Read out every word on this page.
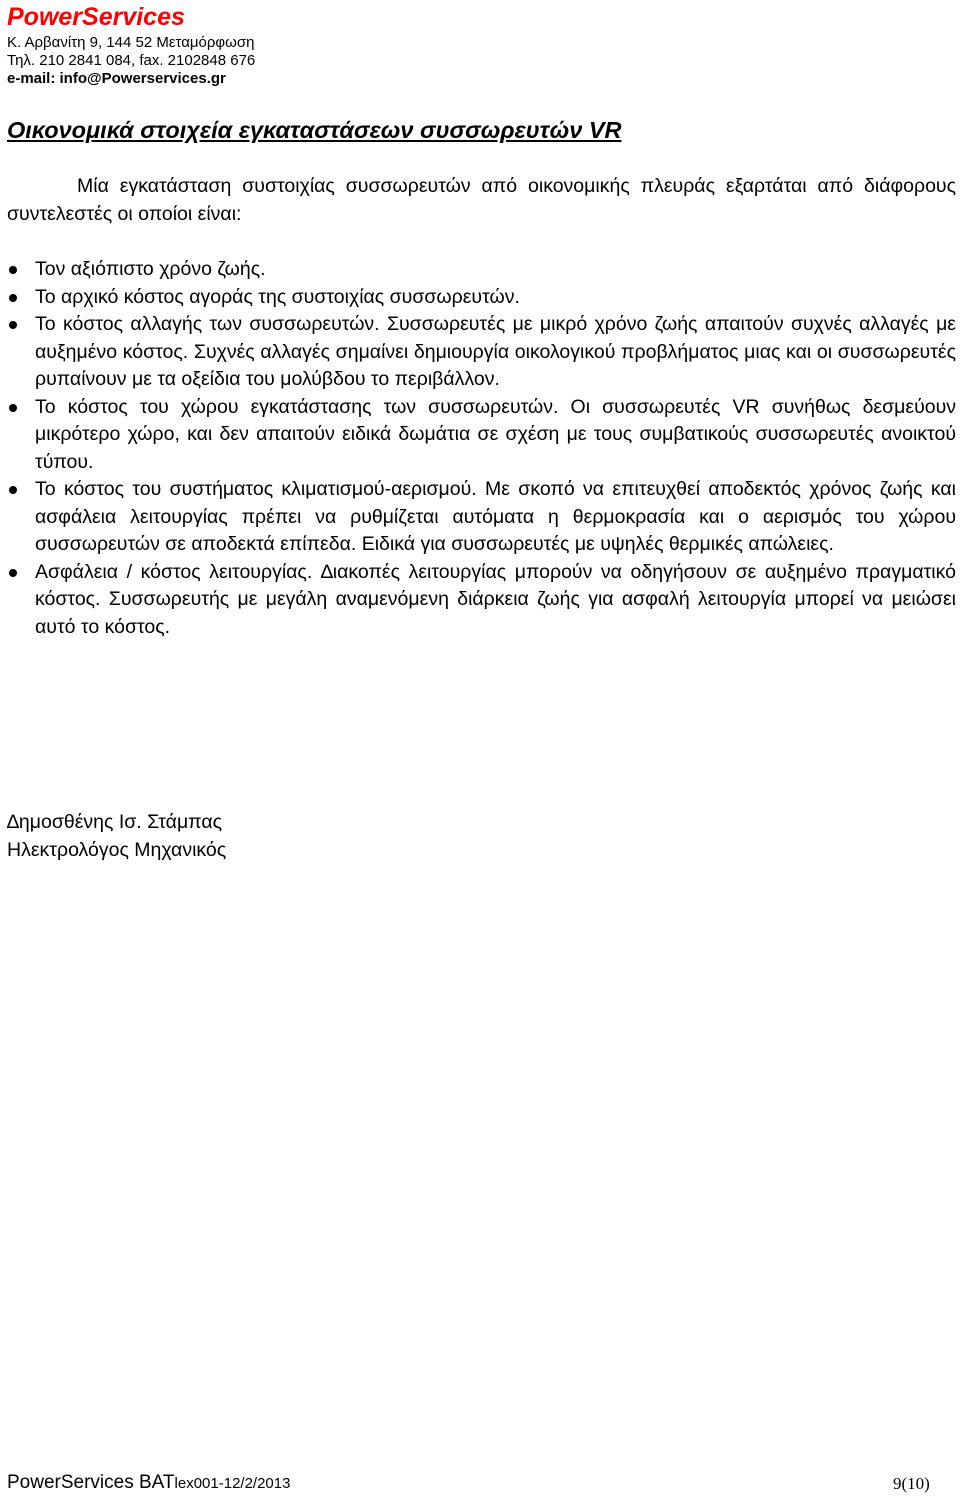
PowerServices

Κ. Αρβανίτη 9, 144 52 Μεταμόρφωση

Τηλ. 210 2841 084, fax. 2102848 676

e-mail: info@Powerservices.gr

Οικονομικά στοιχεία εγκαταστάσεων συσσωρευτών VR

Μία εγκατάσταση συστοιχίας συσσωρευτών από οικονομικής πλευράς εξαρτάται από διάφορους συντελεστές οι οποίοι είναι:

Τον αξιόπιστο χρόνο ζωής.
Το αρχικό κόστος αγοράς της συστοιχίας συσσωρευτών.
Το κόστος αλλαγής των συσσωρευτών. Συσσωρευτές με μικρό χρόνο ζωής απαιτούν συχνές αλλαγές με αυξημένο κόστος. Συχνές αλλαγές σημαίνει δημιουργία οικολογικού προβλήματος μιας και οι συσσωρευτές ρυπαίνουν με τα οξείδια του μολύβδου το περιβάλλον.
Το κόστος του χώρου εγκατάστασης των συσσωρευτών. Οι συσσωρευτές VR συνήθως δεσμεύουν μικρότερο χώρο, και δεν απαιτούν ειδικά δωμάτια σε σχέση με τους συμβατικούς συσσωρευτές ανοικτού τύπου.
Το κόστος του συστήματος κλιματισμού-αερισμού. Με σκοπό να επιτευχθεί αποδεκτός χρόνος ζωής και ασφάλεια λειτουργίας πρέπει να ρυθμίζεται αυτόματα η θερμοκρασία και ο αερισμός του χώρου συσσωρευτών σε αποδεκτά επίπεδα. Ειδικά για συσσωρευτές με υψηλές θερμικές απώλειες.
Ασφάλεια / κόστος λειτουργίας. ∆ιακοπές λειτουργίας μπορούν να οδηγήσουν σε αυξημένο πραγματικό κόστος. Συσσωρευτής με μεγάλη αναμενόμενη διάρκεια ζωής για ασφαλή λειτουργία μπορεί να μειώσει αυτό το κόστος.

∆ημοσθένης Ισ. Στάμπας
Ηλεκτρολόγος Μηχανικός

PowerServices BATlex001-12/2/2013	9(10)
